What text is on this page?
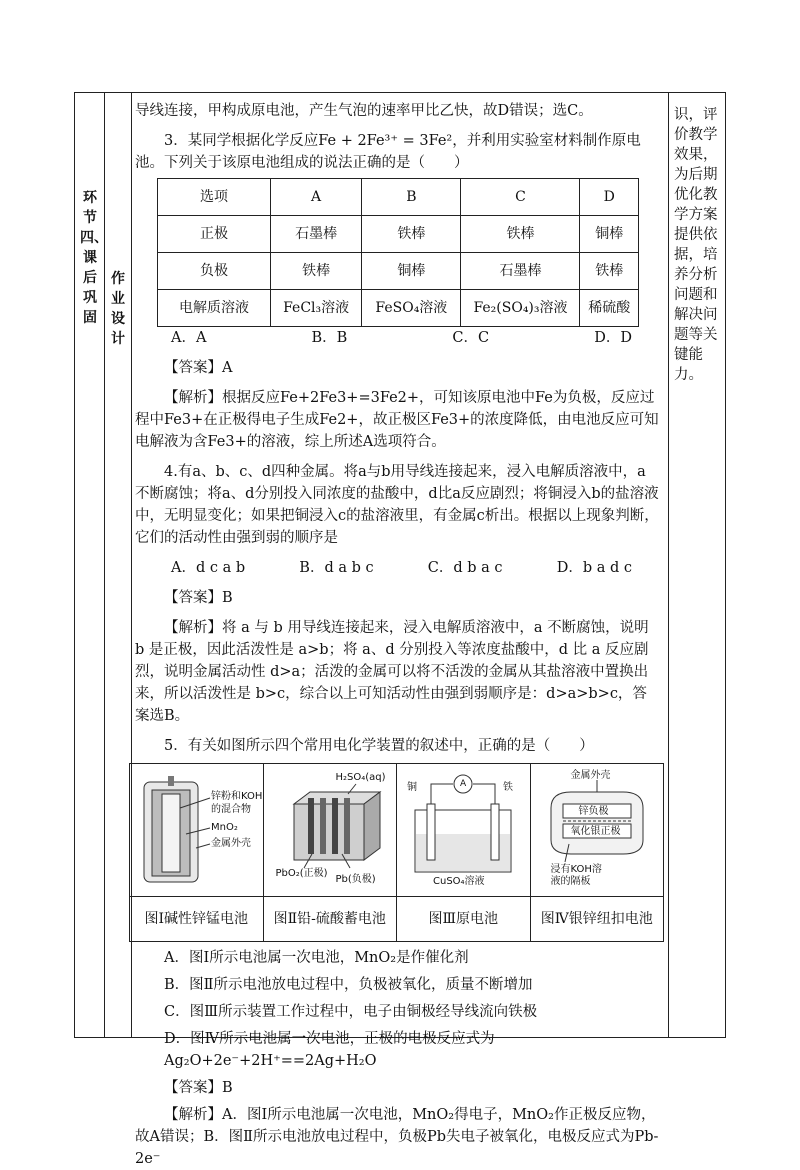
环节四、课后巩固
作业设计
识，评价教学效果，为后期优化教学方案提供依据，培养分析问题和解决问题等关键能力。

导线连接，甲构成原电池，产生气泡的速率甲比乙快，故D错误；选C。

3．某同学根据化学反应Fe + 2Fe³⁺ = 3Fe²，并利用实验室材料制作原电池。下列关于该原电池组成的说法正确的是（　　）

选项	A	B	C	D
正极	石墨棒	铁棒	铁棒	铜棒
负极	铁棒	铜棒	石墨棒	铁棒
电解质溶液	FeCl₃溶液	FeSO₄溶液	Fe₂(SO₄)₃溶液	稀硫酸
A．A	B．B	C．C	D．D

【答案】A

【解析】根据反应Fe+2Fe3+=3Fe2+，可知该原电池中Fe为负极，反应过程中Fe3+在正极得电子生成Fe2+，故正极区Fe3+的浓度降低，由电池反应可知电解液为含Fe3+的溶液，综上所述A选项符合。

4.有a、b、c、d四种金属。将a与b用导线连接起来，浸入电解质溶液中，a不断腐蚀；将a、d分别投入同浓度的盐酸中，d比a反应剧烈；将铜浸入b的盐溶液中，无明显变化；如果把铜浸入c的盐溶液里，有金属c析出。根据以上现象判断，它们的活动性由强到弱的顺序是

A．d c a b	B．d a b c	C．d b a c	D．b a d c

【答案】B

【解析】将 a 与 b 用导线连接起来，浸入电解质溶液中，a 不断腐蚀，说明 b 是正极，因此活泼性是 a>b；将 a、d 分别投入等浓度盐酸中，d 比 a 反应剧烈，说明金属活动性 d>a；活泼的金属可以将不活泼的金属从其盐溶液中置换出来，所以活泼性是 b>c，综合以上可知活动性由强到弱顺序是：d>a>b>c，答案选B。

5．有关如图所示四个常用电化学装置的叙述中，正确的是（　　）

锌粉和KOH
的混合物
MnO₂
金属外壳
H₂SO₄(aq)
PbO₂(正极)
Pb(负极)
铜	铁
A
CuSO₄溶液
金属外壳
锌负极
氧化银正极
浸有KOH溶
液的隔板
图Ⅰ碱性锌锰电池	图Ⅱ铅-硫酸蓄电池	图Ⅲ原电池	图Ⅳ银锌纽扣电池

A．图Ⅰ所示电池属一次电池，MnO₂是作催化剂

B．图Ⅱ所示电池放电过程中，负极被氧化，质量不断增加

C．图Ⅲ所示装置工作过程中，电子由铜极经导线流向铁极

D．图Ⅳ所示电池属一次电池，正极的电极反应式为Ag₂O+2e⁻+2H⁺==2Ag+H₂O

【答案】B

【解析】A．图Ⅰ所示电池属一次电池，MnO₂得电子，MnO₂作正极反应物，故A错误；B．图Ⅱ所示电池放电过程中，负极Pb失电子被氧化，电极反应式为Pb-2e⁻
